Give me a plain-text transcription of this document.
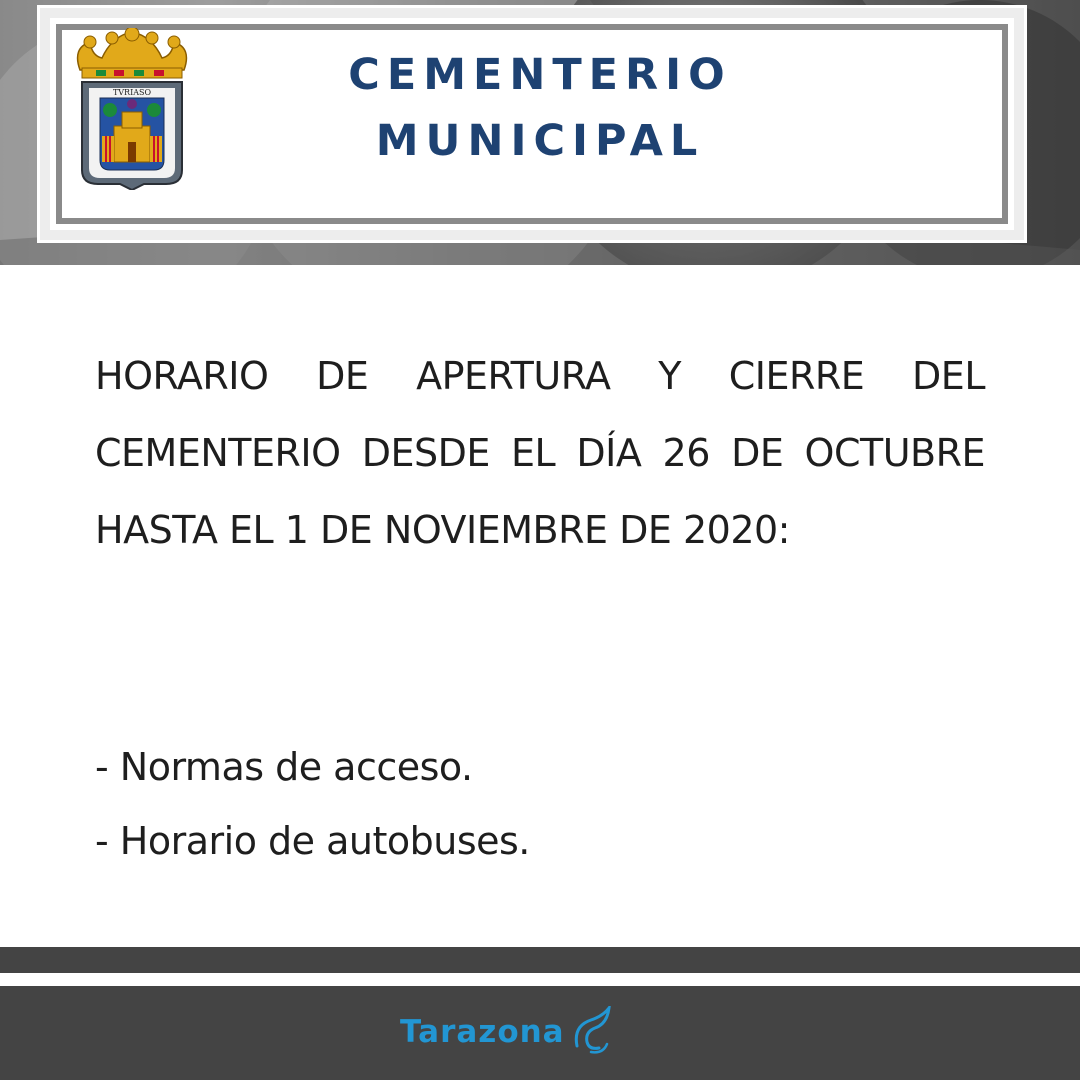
TVRIASO	CEMENTERIO
MUNICIPAL
HORARIO DE APERTURA Y CIERRE DEL CEMENTERIO DESDE EL DÍA 26 DE OCTUBRE HASTA EL 1 DE NOVIEMBRE DE 2020:
- Normas de acceso.
- Horario de autobuses.
Tarazona
